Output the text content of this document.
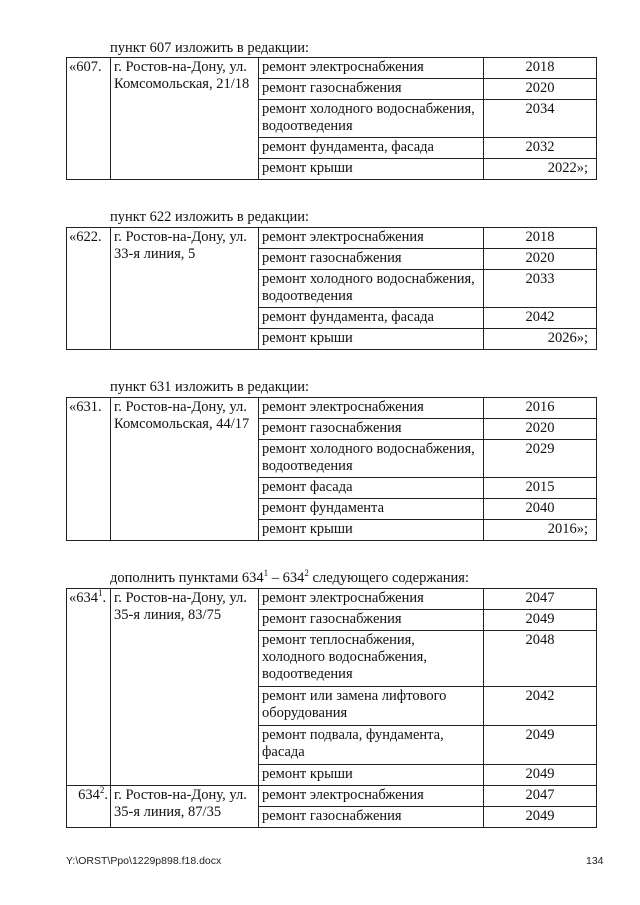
пункт 607 изложить в редакции:
«607.	г. Ростов-на-Дону, ул. Комсомольская, 21/18	ремонт электроснабжения	2018
		ремонт газоснабжения	2020
		ремонт холодного водоснабжения, водоотведения	2034
		ремонт фундамента, фасада	2032
		ремонт крыши	2022»;
пункт 622 изложить в редакции:
«622.	г. Ростов-на-Дону, ул. 33-я линия, 5	ремонт электроснабжения	2018
		ремонт газоснабжения	2020
		ремонт холодного водоснабжения, водоотведения	2033
		ремонт фундамента, фасада	2042
		ремонт крыши	2026»;
пункт 631 изложить в редакции:
«631.	г. Ростов-на-Дону, ул. Комсомольская, 44/17	ремонт электроснабжения	2016
		ремонт газоснабжения	2020
		ремонт холодного водоснабжения, водоотведения	2029
		ремонт фасада	2015
		ремонт фундамента	2040
		ремонт крыши	2016»;
дополнить пунктами $634^1 - 634^2$ следующего содержания:
«$634^1$.	г. Ростов-на-Дону, ул. 35-я линия, 83/75	ремонт электроснабжения	2047
		ремонт газоснабжения	2049
		ремонт теплоснабжения, холодного водоснабжения, водоотведения	2048
		ремонт или замена лифтового оборудования	2042
		ремонт подвала, фундамента, фасада	2049
		ремонт крыши	2049
$634^2$.	г. Ростов-на-Дону, ул. 35-я линия, 87/35	ремонт электроснабжения	2047
		ремонт газоснабжения	2049
Y:\ORST\Ppo\1229p898.f18.docx	134
